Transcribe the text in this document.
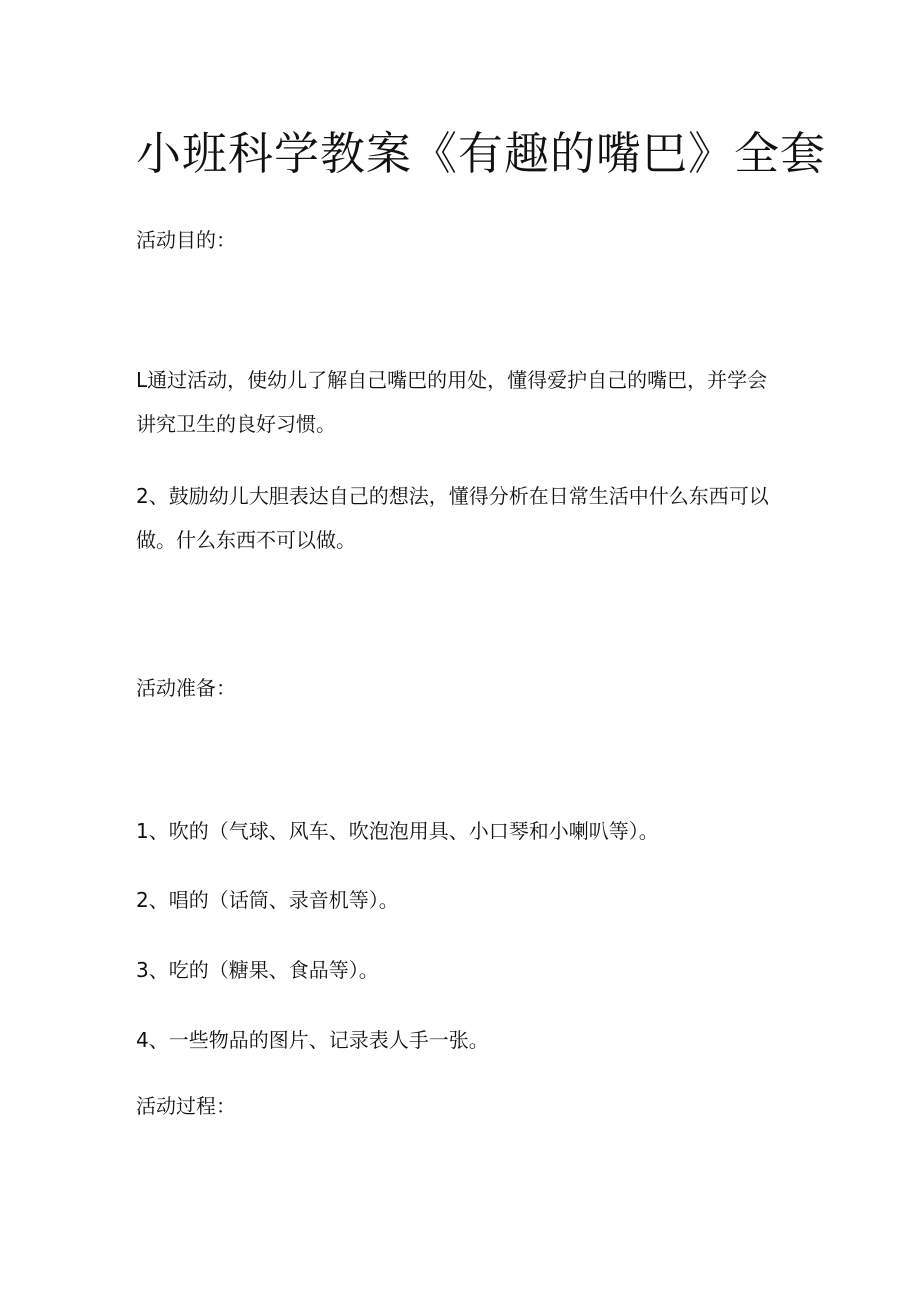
小班科学教案《有趣的嘴巴》全套

活动目的：

L通过活动，使幼儿了解自己嘴巴的用处，懂得爱护自己的嘴巴，并学会讲究卫生的良好习惯。

2、鼓励幼儿大胆表达自己的想法，懂得分析在日常生活中什么东西可以做。什么东西不可以做。

活动准备：

1、吹的（气球、风车、吹泡泡用具、小口琴和小喇叭等）。

2、唱的（话筒、录音机等）。

3、吃的（糖果、食品等）。

4、一些物品的图片、记录表人手一张。

活动过程：
